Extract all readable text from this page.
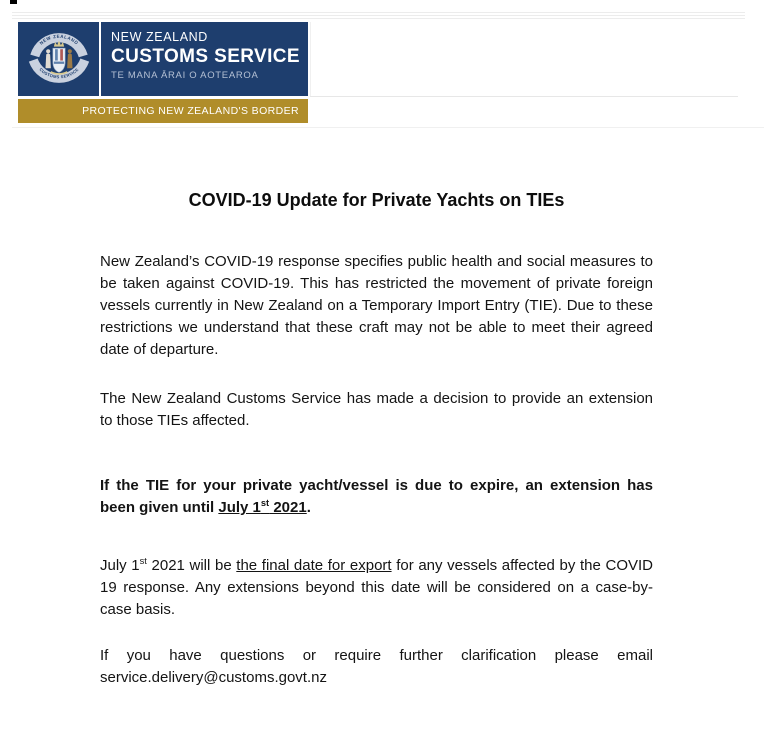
NEW ZEALAND
CUSTOMS SERVICE
NEW ZEALAND
CUSTOMS SERVICE
TE MANA ĀRAI O AOTEAROA
PROTECTING NEW ZEALAND'S BORDER
COVID-19 Update for Private Yachts on TIEs

New Zealand’s COVID-19 response specifies public health and social measures to be taken against COVID-19. This has restricted the movement of private foreign vessels currently in New Zealand on a Temporary Import Entry (TIE). Due to these restrictions we understand that these craft may not be able to meet their agreed date of departure.

The New Zealand Customs Service has made a decision to provide an extension to those TIEs affected.

If the TIE for your private yacht/vessel is due to expire, an extension has been given until July 1st 2021.

July 1st 2021 will be the final date for export for any vessels affected by the COVID 19 response. Any extensions beyond this date will be considered on a case-by-case basis.

If you have questions or require further clarification please email service.delivery@customs.govt.nz
